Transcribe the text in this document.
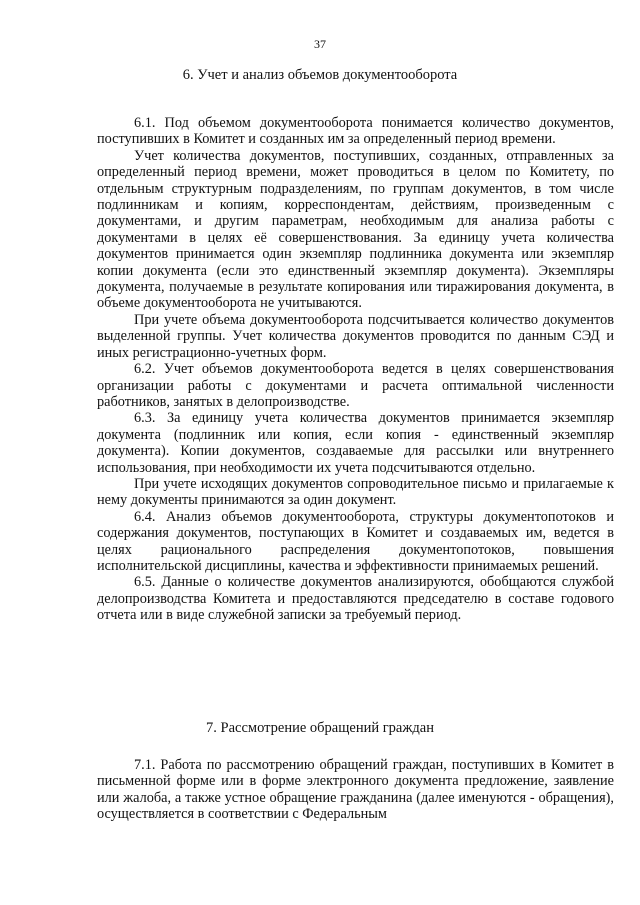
37
6. Учет и анализ объемов документооборота

6.1. Под объемом документооборота понимается количество документов, поступивших в Комитет и созданных им за определенный период времени.

Учет количества документов, поступивших, созданных, отправленных за определенный период времени, может проводиться в целом по Комитету, по отдельным структурным подразделениям, по группам документов, в том числе подлинникам и копиям, корреспондентам, действиям, произведенным с документами, и другим параметрам, необходимым для анализа работы с документами в целях её совершенствования. За единицу учета количества документов принимается один экземпляр подлинника документа или экземпляр копии документа (если это единственный экземпляр документа). Экземпляры документа, получаемые в результате копирования или тиражирования документа, в объеме документооборота не учитываются.

При учете объема документооборота подсчитывается количество документов выделенной группы. Учет количества документов проводится по данным СЭД и иных регистрационно-учетных форм.

6.2. Учет объемов документооборота ведется в целях совершенствования организации работы с документами и расчета оптимальной численности работников, занятых в делопроизводстве.

6.3. За единицу учета количества документов принимается экземпляр документа (подлинник или копия, если копия - единственный экземпляр документа). Копии документов, создаваемые для рассылки или внутреннего использования, при необходимости их учета подсчитываются отдельно.

При учете исходящих документов сопроводительное письмо и прилагаемые к нему документы принимаются за один документ.

6.4. Анализ объемов документооборота, структуры документопотоков и содержания документов, поступающих в Комитет и создаваемых им, ведется в целях рационального распределения документопотоков, повышения исполнительской дисциплины, качества и эффективности принимаемых решений.

6.5. Данные о количестве документов анализируются, обобщаются службой делопроизводства Комитета и предоставляются председателю в составе годового отчета или в виде служебной записки за требуемый период.

7. Рассмотрение обращений граждан

7.1. Работа по рассмотрению обращений граждан, поступивших в Комитет в письменной форме или в форме электронного документа предложение, заявление или жалоба, а также устное обращение гражданина (далее именуются - обращения), осуществляется в соответствии с Федеральным
